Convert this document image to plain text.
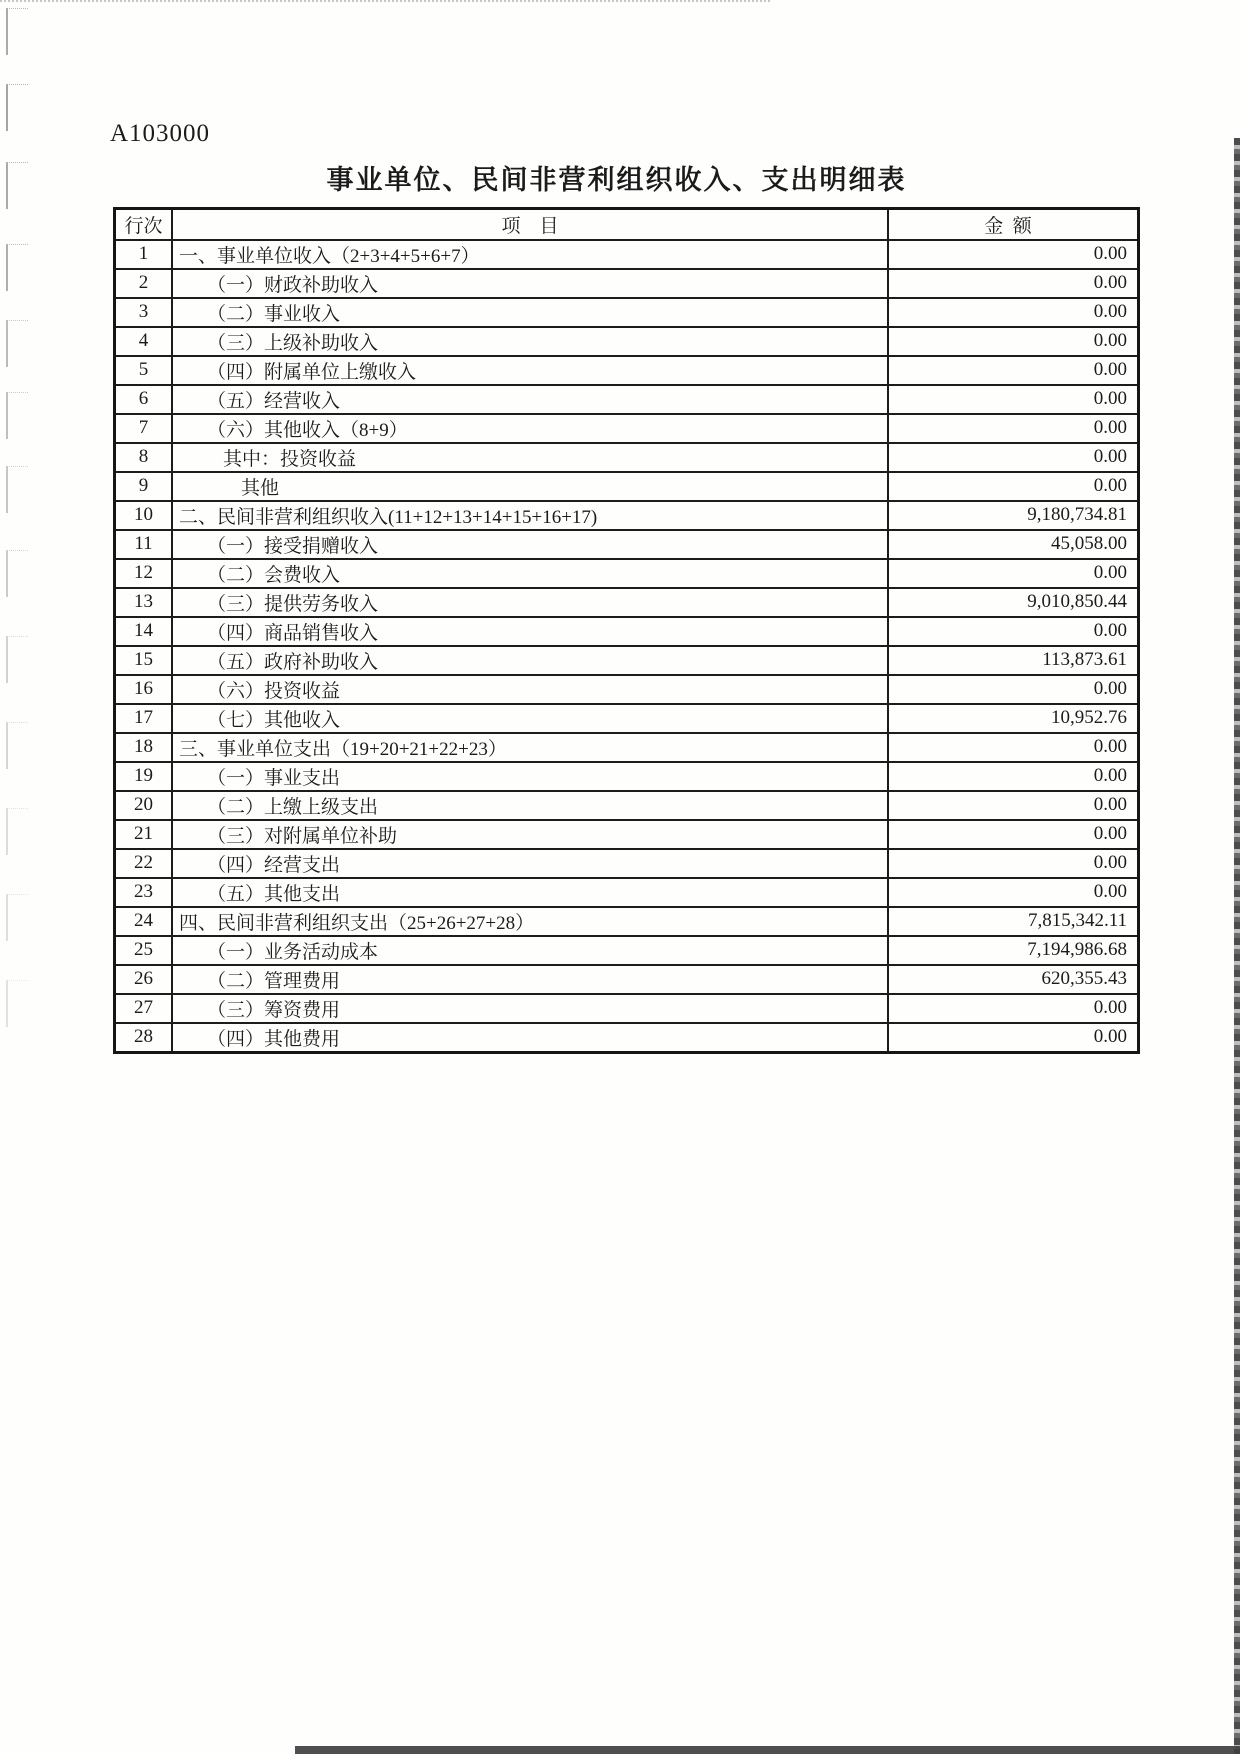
A103000
事业单位、民间非营利组织收入、支出明细表
行次	项    目	金  额
1	一、事业单位收入（2+3+4+5+6+7）	0.00
2	（一）财政补助收入	0.00
3	（二）事业收入	0.00
4	（三）上级补助收入	0.00
5	（四）附属单位上缴收入	0.00
6	（五）经营收入	0.00
7	（六）其他收入（8+9）	0.00
8	其中：投资收益	0.00
9	其他	0.00
10	二、民间非营利组织收入(11+12+13+14+15+16+17)	9,180,734.81
11	（一）接受捐赠收入	45,058.00
12	（二）会费收入	0.00
13	（三）提供劳务收入	9,010,850.44
14	（四）商品销售收入	0.00
15	（五）政府补助收入	113,873.61
16	（六）投资收益	0.00
17	（七）其他收入	10,952.76
18	三、事业单位支出（19+20+21+22+23）	0.00
19	（一）事业支出	0.00
20	（二）上缴上级支出	0.00
21	（三）对附属单位补助	0.00
22	（四）经营支出	0.00
23	（五）其他支出	0.00
24	四、民间非营利组织支出（25+26+27+28）	7,815,342.11
25	（一）业务活动成本	7,194,986.68
26	（二）管理费用	620,355.43
27	（三）筹资费用	0.00
28	（四）其他费用	0.00
